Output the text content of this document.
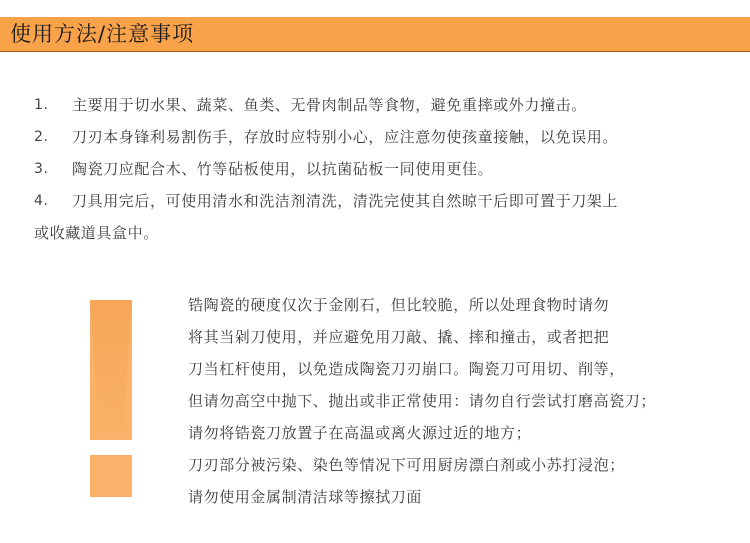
使用方法/注意事项
1. 主要用于切水果、蔬菜、鱼类、无骨肉制品等食物，避免重摔或外力撞击。
2. 刀刃本身锋利易割伤手，存放时应特别小心，应注意勿使孩童接触，以免误用。
3. 陶瓷刀应配合木、竹等砧板使用，以抗菌砧板一同使用更佳。
4. 刀具用完后，可使用清水和洗洁剂清洗，清洗完使其自然晾干后即可置于刀架上
或收藏道具盒中。
锆陶瓷的硬度仅次于金刚石，但比较脆，所以处理食物时请勿
将其当剁刀使用，并应避免用刀敲、撬、摔和撞击，或者把把
刀当杠杆使用，以免造成陶瓷刀刃崩口。陶瓷刀可用切、削等，
但请勿高空中抛下、抛出或非正常使用：请勿自行尝试打磨高瓷刀；
请勿将锆瓷刀放置子在高温或离火源过近的地方；
刀刃部分被污染、染色等情况下可用厨房漂白剂或小苏打浸泡；
请勿使用金属制清洁球等擦拭刀面
